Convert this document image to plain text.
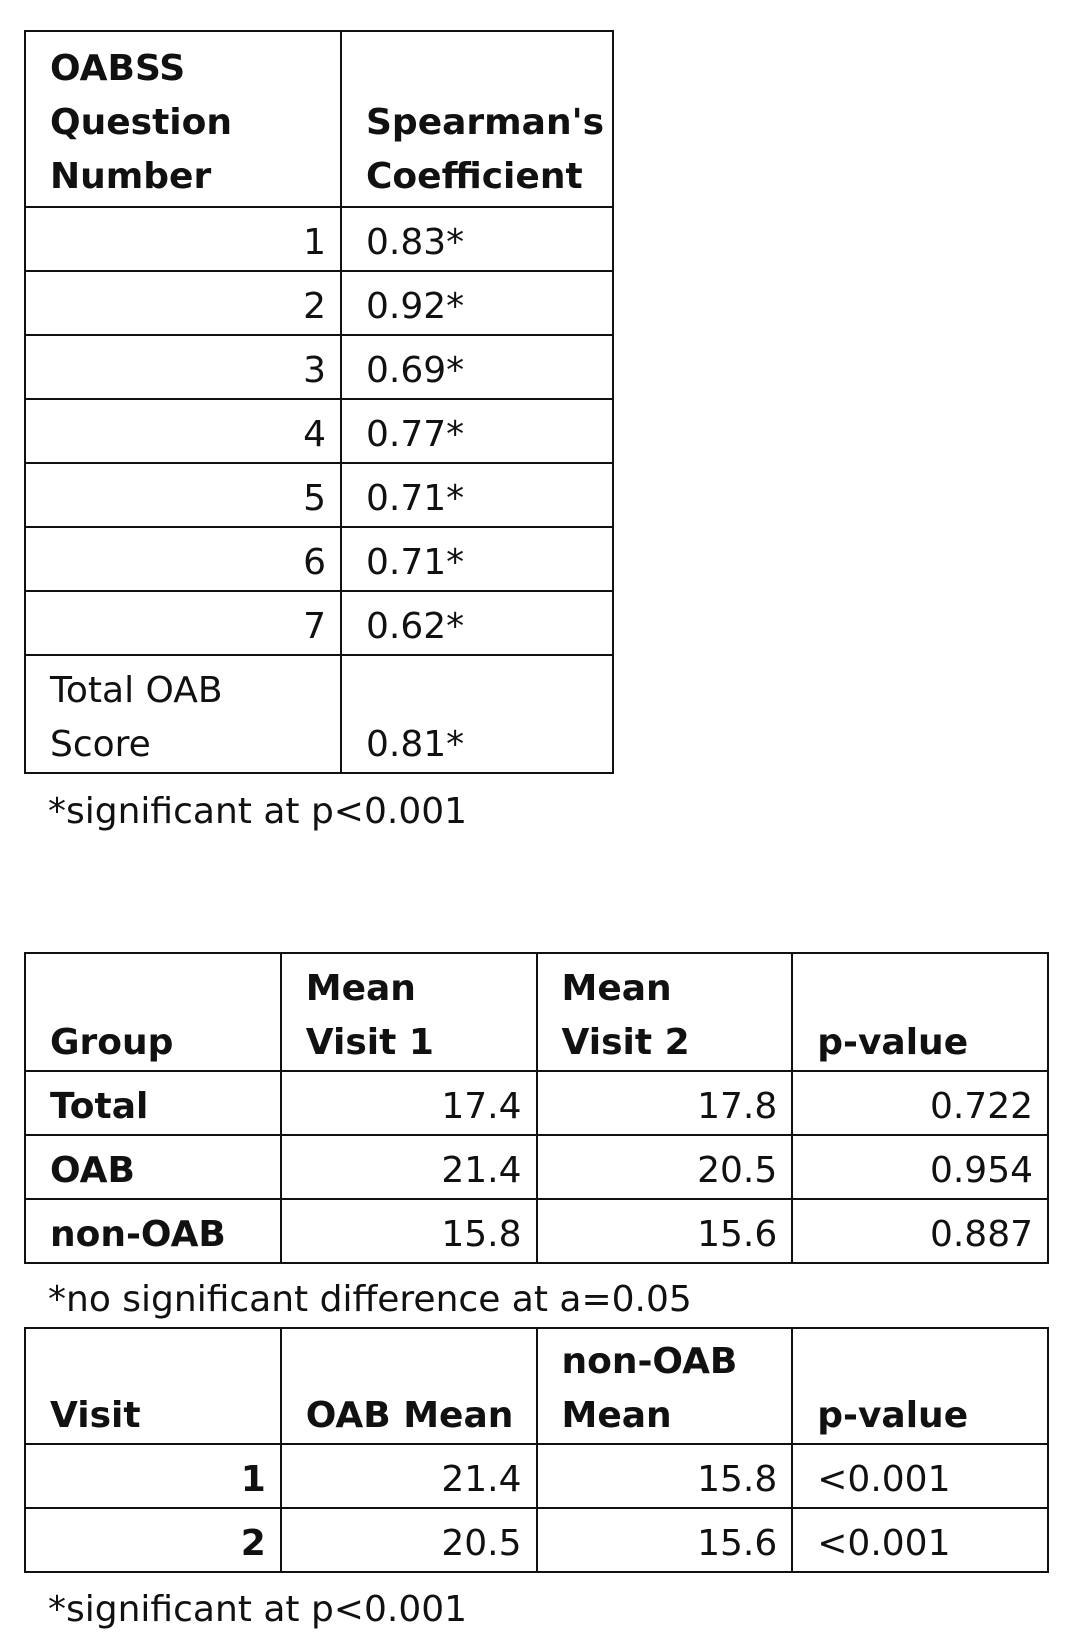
OABSS Question Number	Spearman's Coefficient
1	0.83*
2	0.92*
3	0.69*
4	0.77*
5	0.71*
6	0.71*
7	0.62*
Total OAB Score	0.81*
*significant at p<0.001
Group	Mean Visit 1	Mean Visit 2	p-value
Total	17.4	17.8	0.722
OAB	21.4	20.5	0.954
non-OAB	15.8	15.6	0.887
*no significant difference at a=0.05
Visit	OAB Mean	non-OAB Mean	p-value
1	21.4	15.8	<0.001
2	20.5	15.6	<0.001
*significant at p<0.001
